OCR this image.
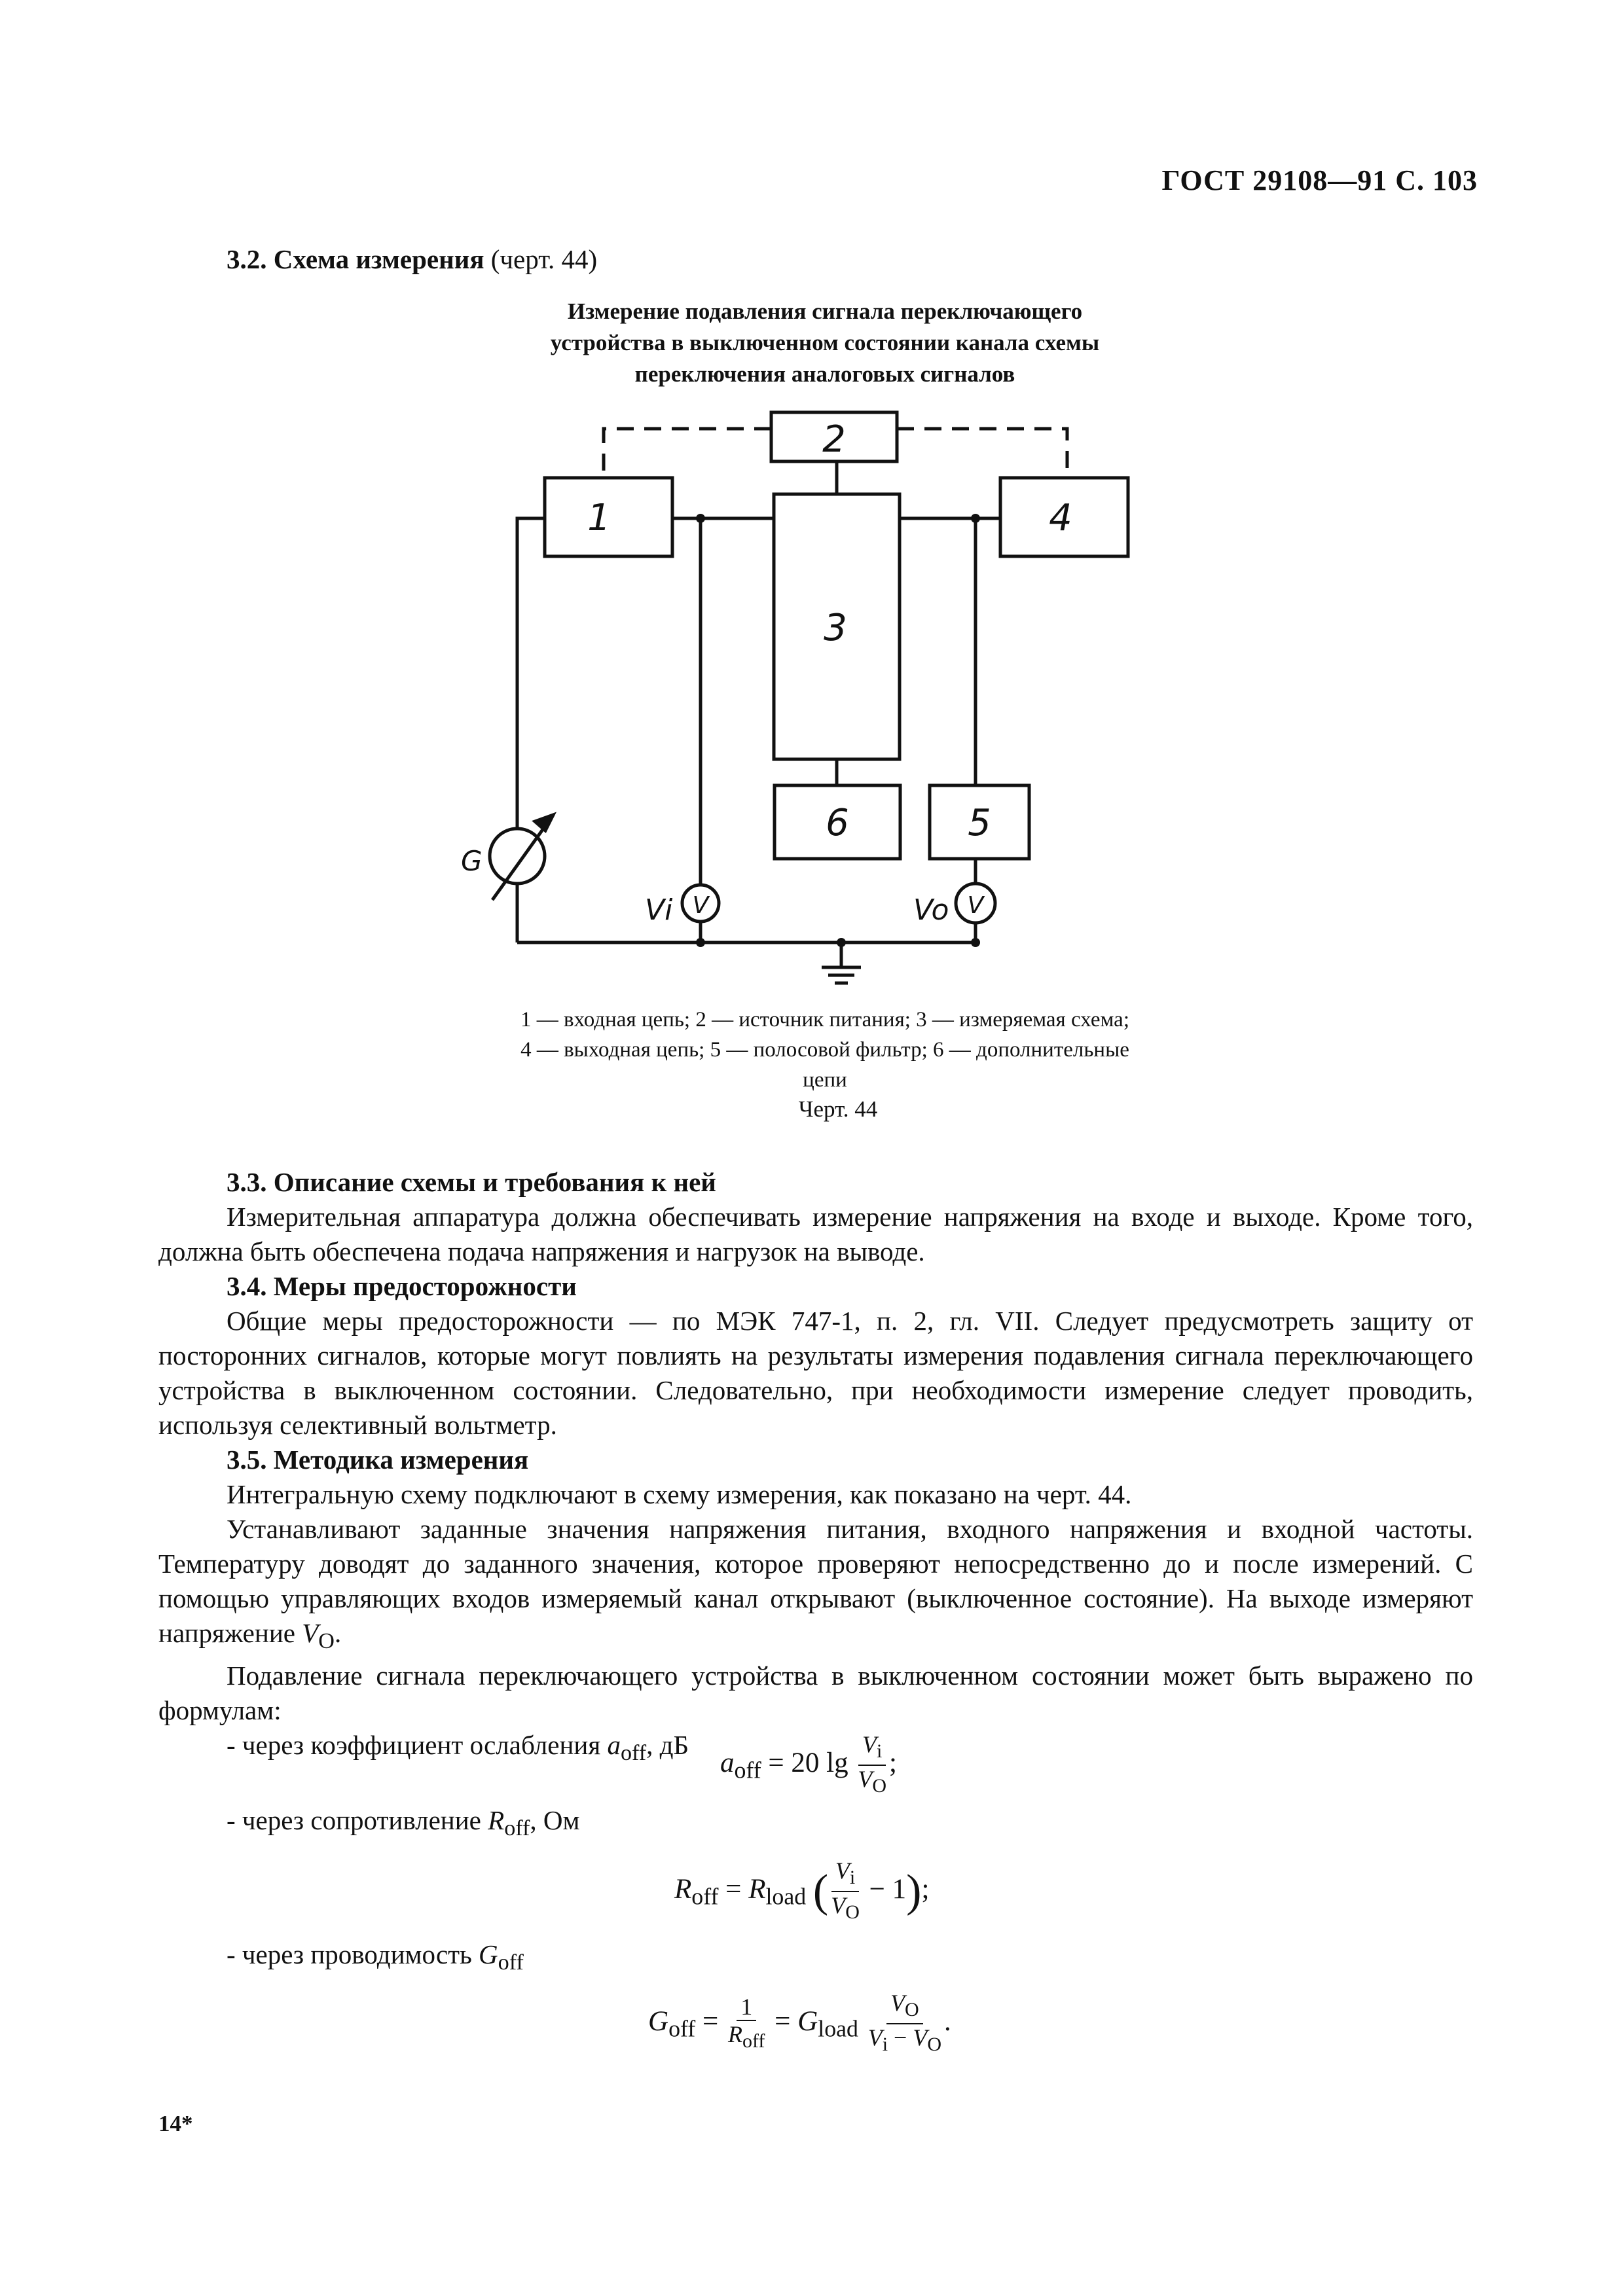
ГОСТ 29108—91 С. 103
3.2. Схема измерения (черт. 44)
Измерение подавления сигнала переключающего
устройства в выключенном состоянии канала схемы
переключения аналоговых сигналов
1
2
3
4
5
6
G
Vi	Vo
V	V
1 — входная цепь; 2 — источник питания; 3 — измеряемая схема;
4 — выходная цепь; 5 — полосовой фильтр; 6 — дополнительные
цепи
Черт. 44

3.3. Описание схемы и требования к ней

Измерительная аппаратура должна обеспечивать измерение напряжения на входе и выходе. Кроме того, должна быть обеспечена подача напряжения и нагрузок на выводе.

3.4. Меры предосторожности

Общие меры предосторожности — по МЭК 747-1, п. 2, гл. VII. Следует предусмотреть защиту от посторонних сигналов, которые могут повлиять на результаты измерения подавления сигнала переключающего устройства в выключенном состоянии. Следовательно, при необходимости измерение следует проводить, используя селективный вольтметр.

3.5. Методика измерения

Интегральную схему подключают в схему измерения, как показано на черт. 44.

Устанавливают заданные значения напряжения питания, входного напряжения и входной частоты. Температуру доводят до заданного значения, которое проверяют непосредственно до и после измерений. С помощью управляющих входов измеряемый канал открывают (выключенное состояние). На выходе измеряют напряжение $V_O$.

Подавление сигнала переключающего устройства в выключенном состоянии может быть выражено по формулам:

- через коэффициент ослабления $a_{off}$, дБ

$a_{off} = 20$ $\lg \frac{V_i}{V_O}$ ;

- через сопротивление $R_{off}$, Ом

$R_{off} = R_{load}$ ( $\frac{V_i}{V_O} - 1$);

- через проводимость $G_{off}$

$G_{off} = \frac{1}{R_{off}} = G_{load} \frac{V_O}{V_i - V_O}$ .
14*
